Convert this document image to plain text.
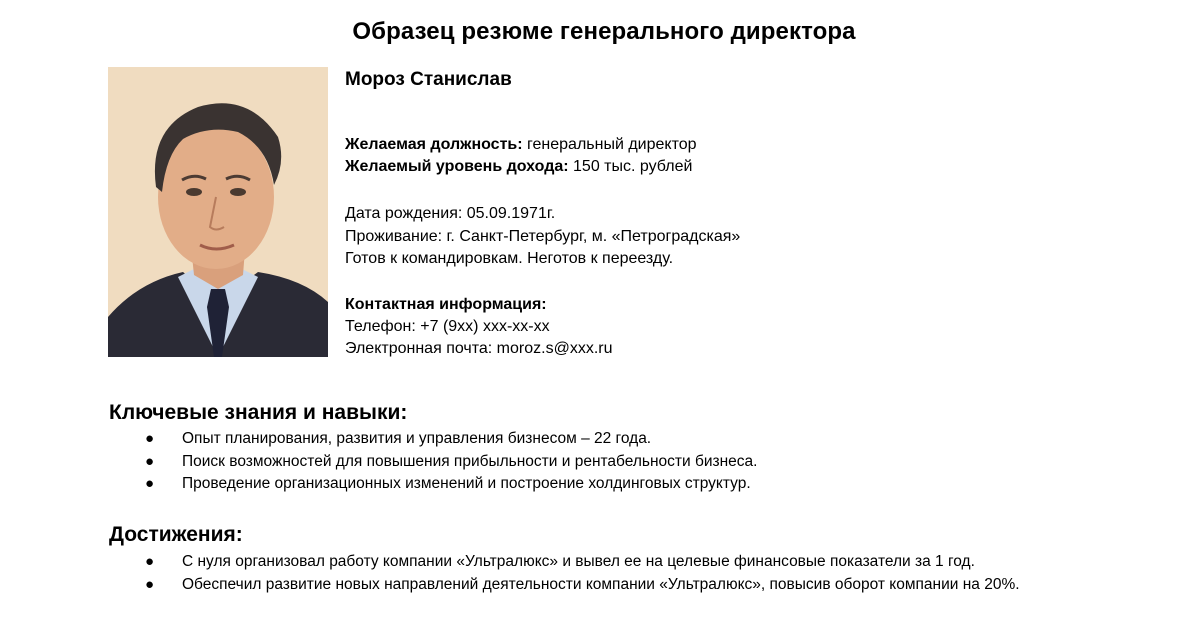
Образец резюме генерального директора
Мороз Станислав
Желаемая должность: генеральный директор
Желаемый уровень дохода: 150 тыс. рублей
Дата рождения: 05.09.1971г.
Проживание: г. Санкт-Петербург, м. «Петроградская»
Готов к командировкам. Неготов к переезду.
Контактная информация:
Телефон: +7 (9хх) ххх-хх-хх
Электронная почта: moroz.s@xxx.ru
Ключевые знания и навыки:
● Опыт планирования, развития и управления бизнесом – 22 года.
● Поиск возможностей для повышения прибыльности и рентабельности бизнеса.
● Проведение организационных изменений и построение холдинговых структур.
Достижения:
● С нуля организовал работу компании «Ультралюкс» и вывел ее на целевые финансовые показатели за 1 год.
● Обеспечил развитие новых направлений деятельности компании «Ультралюкс», повысив оборот компании на 20%.
